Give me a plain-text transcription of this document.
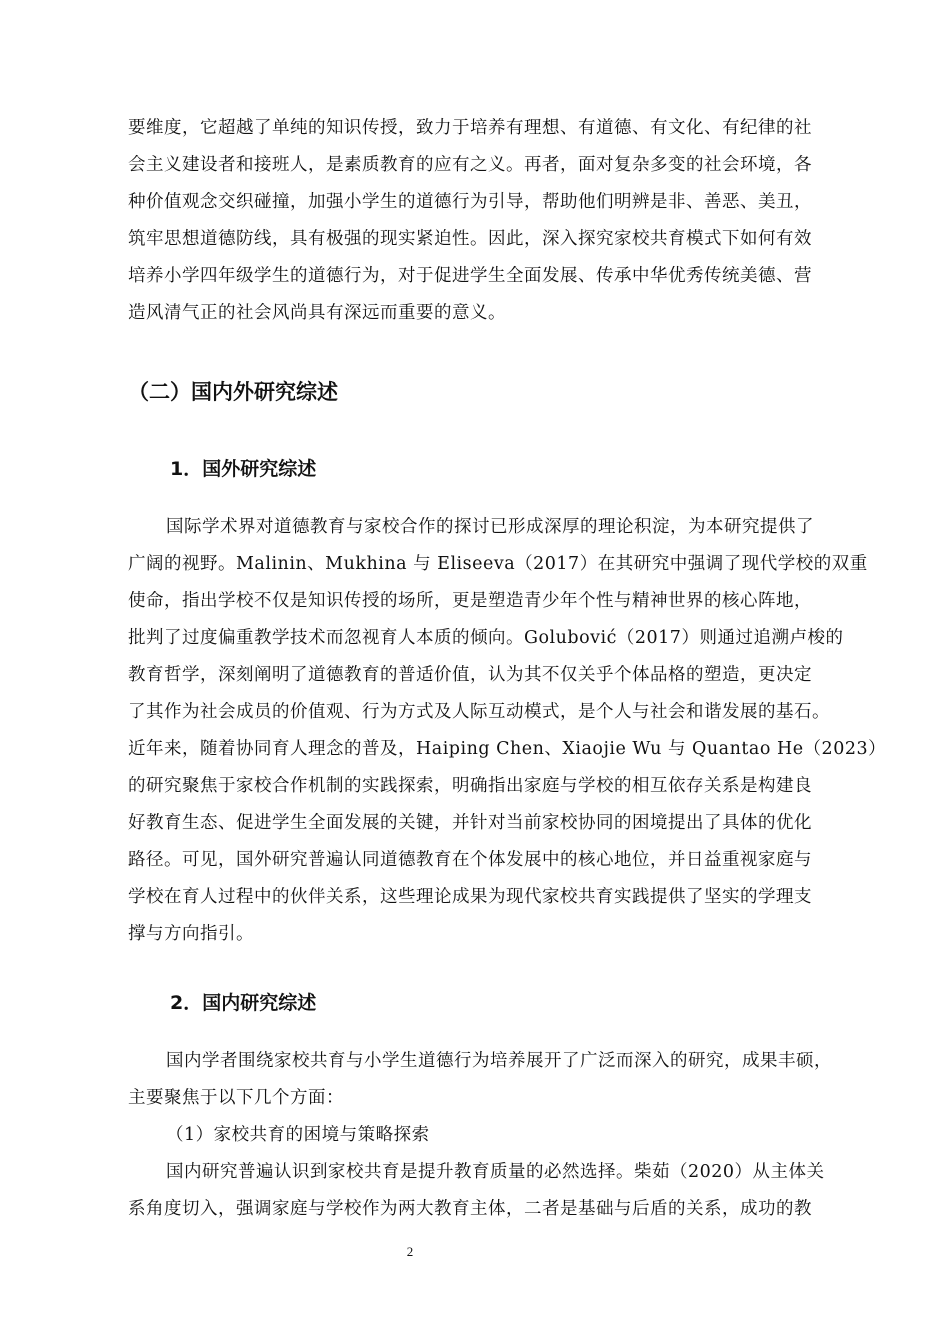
要维度，它超越了单纯的知识传授，致力于培养有理想、有道德、有文化、有纪律的社
会主义建设者和接班人，是素质教育的应有之义。再者，面对复杂多变的社会环境，各
种价值观念交织碰撞，加强小学生的道德行为引导，帮助他们明辨是非、善恶、美丑，
筑牢思想道德防线，具有极强的现实紧迫性。因此，深入探究家校共育模式下如何有效
培养小学四年级学生的道德行为，对于促进学生全面发展、传承中华优秀传统美德、营
造风清气正的社会风尚具有深远而重要的意义。
（二）国内外研究综述
1．国外研究综述
国际学术界对道德教育与家校合作的探讨已形成深厚的理论积淀，为本研究提供了
广阔的视野。Malinin、Mukhina 与 Eliseeva（2017）在其研究中强调了现代学校的双重
使命，指出学校不仅是知识传授的场所，更是塑造青少年个性与精神世界的核心阵地，
批判了过度偏重教学技术而忽视育人本质的倾向。Golubović（2017）则通过追溯卢梭的
教育哲学，深刻阐明了道德教育的普适价值，认为其不仅关乎个体品格的塑造，更决定
了其作为社会成员的价值观、行为方式及人际互动模式，是个人与社会和谐发展的基石。
近年来，随着协同育人理念的普及，Haiping Chen、Xiaojie Wu 与 Quantao He（2023）
的研究聚焦于家校合作机制的实践探索，明确指出家庭与学校的相互依存关系是构建良
好教育生态、促进学生全面发展的关键，并针对当前家校协同的困境提出了具体的优化
路径。可见，国外研究普遍认同道德教育在个体发展中的核心地位，并日益重视家庭与
学校在育人过程中的伙伴关系，这些理论成果为现代家校共育实践提供了坚实的学理支
撑与方向指引。
2．国内研究综述
国内学者围绕家校共育与小学生道德行为培养展开了广泛而深入的研究，成果丰硕，
主要聚焦于以下几个方面：
（1）家校共育的困境与策略探索
国内研究普遍认识到家校共育是提升教育质量的必然选择。柴茹（2020）从主体关
系角度切入，强调家庭与学校作为两大教育主体，二者是基础与后盾的关系，成功的教
2
